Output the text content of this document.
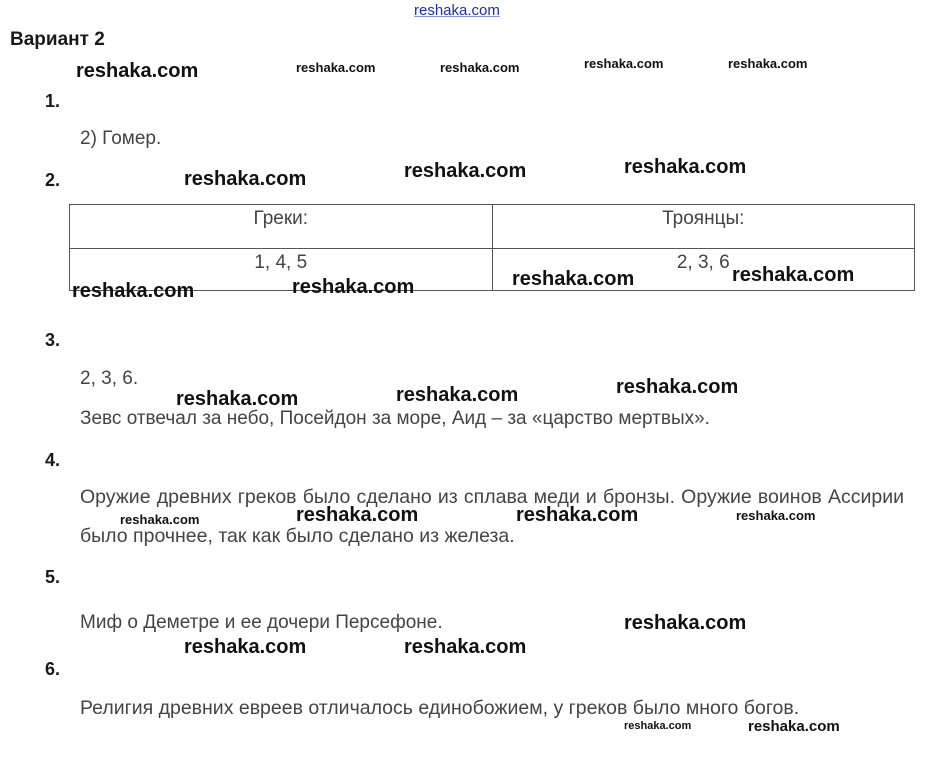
reshaka.com
Вариант 2
1.
2) Гомер.
2.
Греки:	Троянцы:
1, 4, 5	2, 3, 6
3.
2, 3, 6.
Зевс отвечал за небо, Посейдон за море, Аид – за «царство мертвых».
4.
Оружие древних греков было сделано из сплава меди и бронзы. Оружие воинов Ассирии было прочнее, так как было сделано из железа.
5.
Миф о Деметре и ее дочери Персефоне.
6.
Религия древних евреев отличалось единобожием, у греков было много богов.
reshaka.com	reshaka.com	reshaka.com	reshaka.com	reshaka.com
reshaka.com	reshaka.com	reshaka.com
reshaka.com	reshaka.com	reshaka.com	reshaka.com
reshaka.com	reshaka.com	reshaka.com
reshaka.com	reshaka.com	reshaka.com	reshaka.com
reshaka.com
reshaka.com	reshaka.com
reshaka.com	reshaka.com
